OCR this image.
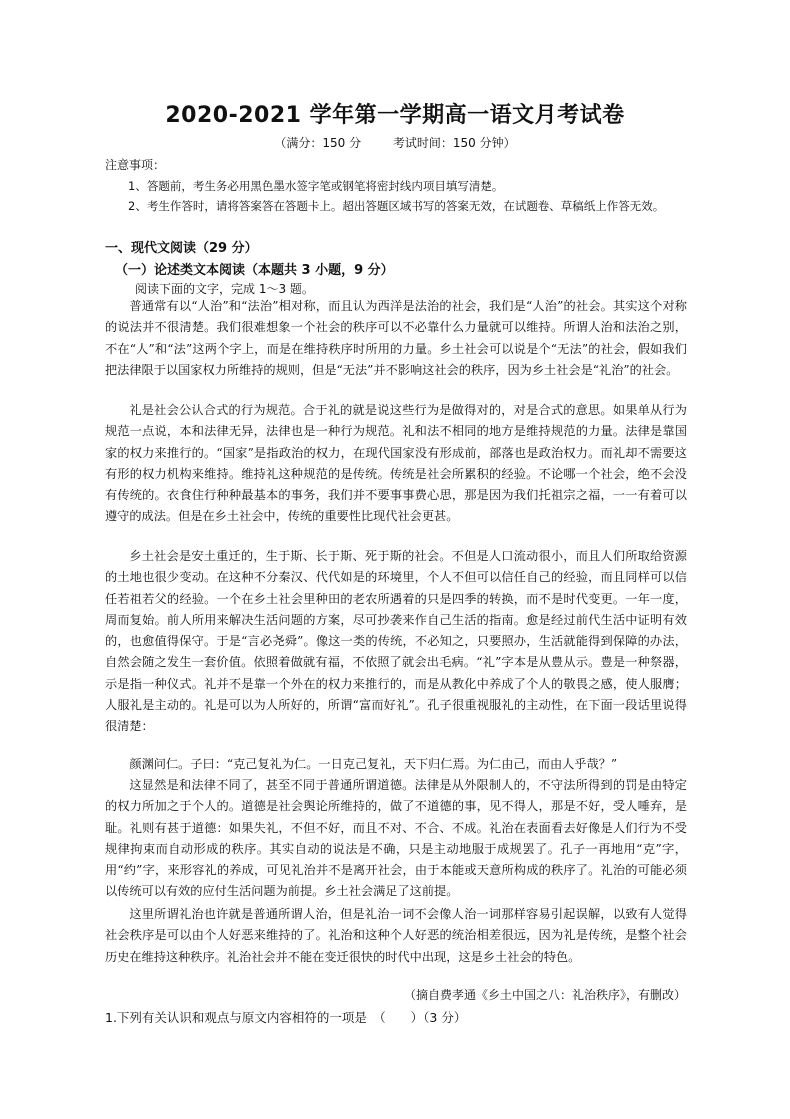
2020-2021 学年第一学期高一语文月考试卷
（满分：150 分	考试时间：150 分钟）
注意事项：
1、答题前，考生务必用黑色墨水签字笔或钢笔将密封线内项目填写清楚。
2、考生作答时，请将答案答在答题卡上。超出答题区域书写的答案无效，在试题卷、草稿纸上作答无效。
一、现代文阅读（29 分）
（一）论述类文本阅读（本题共 3 小题，9 分）
阅读下面的文字，完成 1～3 题。

普通常有以“人治”和“法治”相对称，而且认为西洋是法治的社会，我们是“人治”的社会。其实这个对称的说法并不很清楚。我们很难想象一个社会的秩序可以不必靠什么力量就可以维持。所谓人治和法治之别，不在“人”和“法”这两个字上，而是在维持秩序时所用的力量。乡土社会可以说是个“无法”的社会，假如我们把法律限于以国家权力所维持的规则，但是“无法”并不影响这社会的秩序，因为乡土社会是“礼治”的社会。

礼是社会公认合式的行为规范。合于礼的就是说这些行为是做得对的，对是合式的意思。如果单从行为规范一点说，本和法律无异，法律也是一种行为规范。礼和法不相同的地方是维持规范的力量。法律是靠国家的权力来推行的。“国家”是指政治的权力，在现代国家没有形成前，部落也是政治权力。而礼却不需要这有形的权力机构来维持。维持礼这种规范的是传统。传统是社会所累积的经验。不论哪一个社会，绝不会没有传统的。衣食住行种种最基本的事务，我们并不要事事费心思，那是因为我们托祖宗之福，一一有着可以遵守的成法。但是在乡土社会中，传统的重要性比现代社会更甚。

乡土社会是安土重迁的，生于斯、长于斯、死于斯的社会。不但是人口流动很小，而且人们所取给资源的土地也很少变动。在这种不分秦汉、代代如是的环境里，个人不但可以信任自己的经验，而且同样可以信任若祖若父的经验。一个在乡土社会里种田的老农所遇着的只是四季的转换，而不是时代变更。一年一度，周而复始。前人所用来解决生活问题的方案，尽可抄袭来作自己生活的指南。愈是经过前代生活中证明有效的，也愈值得保守。于是“言必尧舜”。像这一类的传统，不必知之，只要照办，生活就能得到保障的办法，自然会随之发生一套价值。依照着做就有福，不依照了就会出毛病。“礼”字本是从豊从示。豊是一种祭器，示是指一种仪式。礼并不是靠一个外在的权力来推行的，而是从教化中养成了个人的敬畏之感，使人服膺；人服礼是主动的。礼是可以为人所好的，所谓“富而好礼”。孔子很重视服礼的主动性，在下面一段话里说得很清楚：

颜渊问仁。子曰：“克己复礼为仁。一日克己复礼，天下归仁焉。为仁由己，而由人乎哉？”

这显然是和法律不同了，甚至不同于普通所谓道德。法律是从外限制人的，不守法所得到的罚是由特定的权力所加之于个人的。道德是社会舆论所维持的，做了不道德的事，见不得人，那是不好，受人唾弃，是耻。礼则有甚于道德：如果失礼，不但不好，而且不对、不合、不成。礼治在表面看去好像是人们行为不受规律拘束而自动形成的秩序。其实自动的说法是不确，只是主动地服于成规罢了。孔子一再地用“克”字，用“约”字，来形容礼的养成，可见礼治并不是离开社会，由于本能或天意所构成的秩序了。礼治的可能必须以传统可以有效的应付生活问题为前提。乡土社会满足了这前提。

这里所谓礼治也许就是普通所谓人治，但是礼治一词不会像人治一词那样容易引起误解，以致有人觉得社会秩序是可以由个人好恶来维持的了。礼治和这种个人好恶的统治相差很远，因为礼是传统，是整个社会历史在维持这种秩序。礼治社会并不能在变迁很快的时代中出现，这是乡土社会的特色。

（摘自费孝通《乡土中国之八：礼治秩序》，有删改）
1.下列有关认识和观点与原文内容相符的一项是　（　　）（3 分）
